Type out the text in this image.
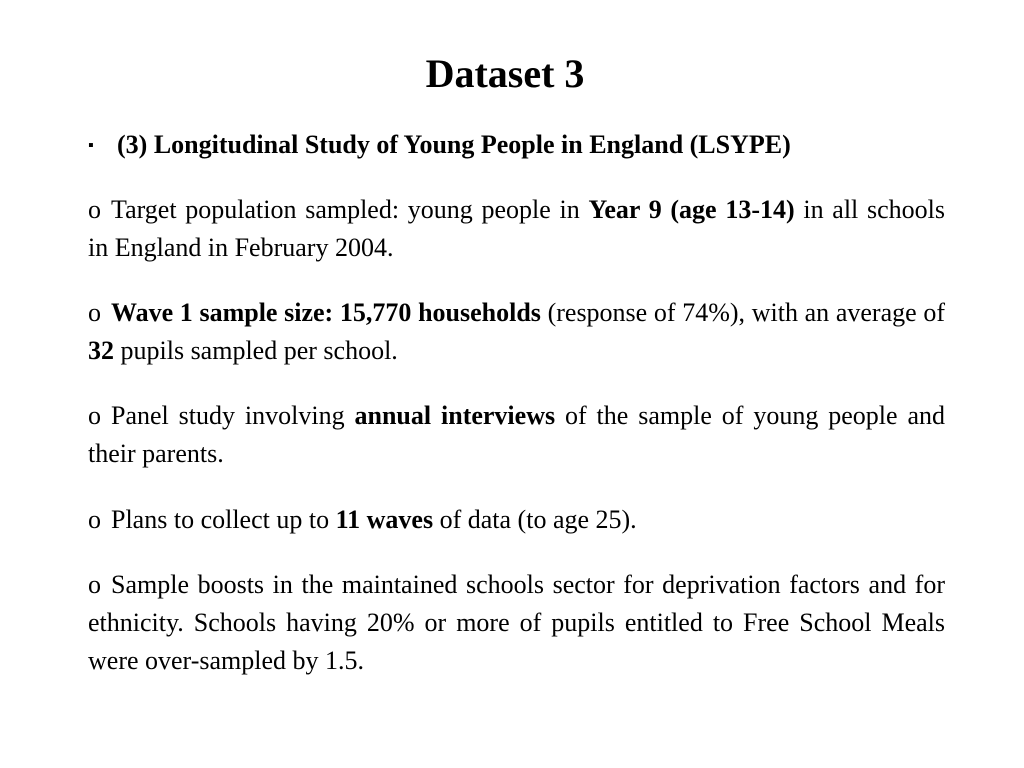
Dataset 3

▪ (3) Longitudinal Study of Young People in England (LSYPE)

o Target population sampled: young people in Year 9 (age 13-14) in all schools in England in February 2004.

o Wave 1 sample size: 15,770 households (response of 74%), with an average of 32 pupils sampled per school.

o Panel study involving annual interviews of the sample of young people and their parents.

o Plans to collect up to 11 waves of data (to age 25).

o Sample boosts in the maintained schools sector for deprivation factors and for ethnicity. Schools having 20% or more of pupils entitled to Free School Meals were over-sampled by 1.5.
